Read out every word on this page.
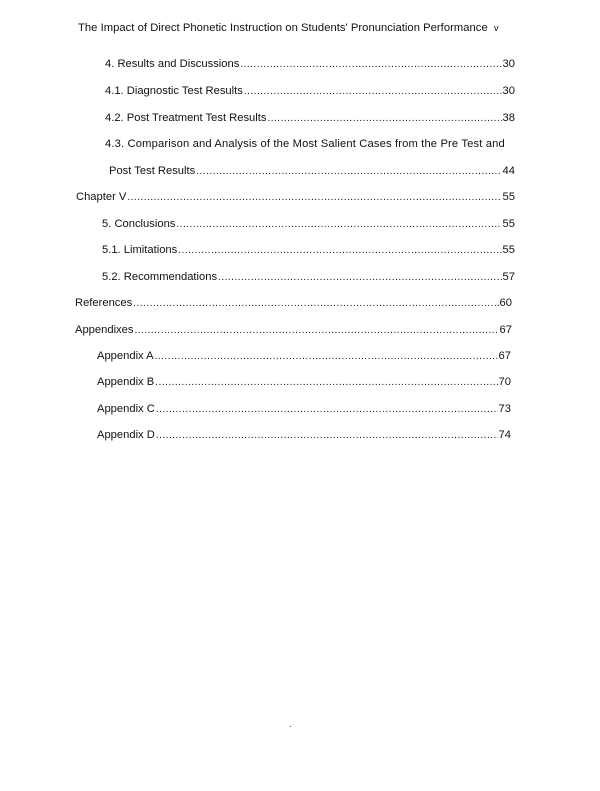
The Impact of Direct Phonetic Instruction on Students' Pronunciation Performance v
4. Results and Discussions .....	30
4.1. Diagnostic Test Results .....	30
4.2. Post Treatment Test Results .....	38
4.3. Comparison and Analysis of the Most Salient Cases from the Pre Test and
Post Test Results .....	44
Chapter V .....	55
5. Conclusions .....	55
5.1. Limitations .....	55
5.2. Recommendations .....	57
References .....	60
Appendixes .....	67
Appendix A .....	67
Appendix B .....	70
Appendix C .....	73
Appendix D .....	74
.
